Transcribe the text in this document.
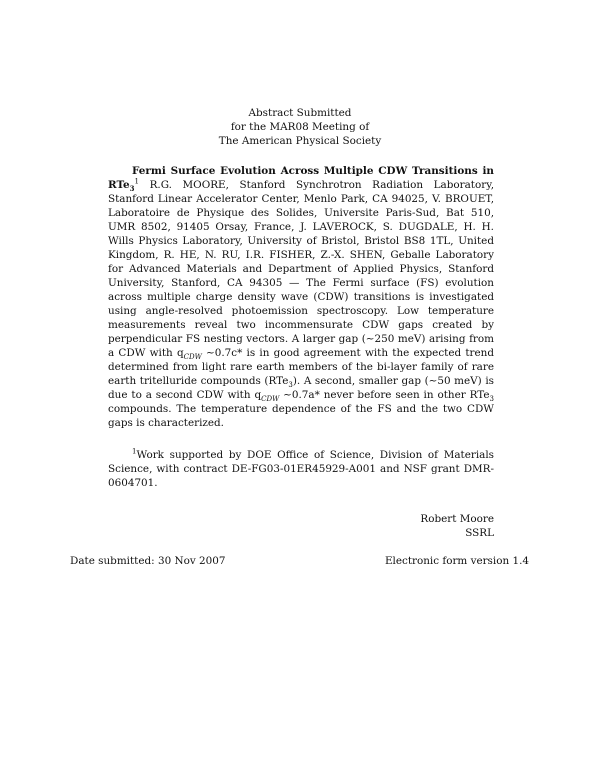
Abstract Submitted
for the MAR08 Meeting of
The American Physical Society

Fermi Surface Evolution Across Multiple CDW Transitions in RTe$_3^1$ R.G. MOORE, Stanford Synchrotron Radiation Laboratory, Stanford Linear Accelerator Center, Menlo Park, CA 94025, V. BROUET, Laboratoire de Physique des Solides, Universite Paris-Sud, Bat 510, UMR 8502, 91405 Orsay, France, J. LAVEROCK, S. DUGDALE, H. H. Wills Physics Laboratory, University of Bristol, Bristol BS8 1TL, United Kingdom, R. HE, N. RU, I.R. FISHER, Z.-X. SHEN, Geballe Laboratory for Advanced Materials and Department of Applied Physics, Stanford University, Stanford, CA 94305 — The Fermi surface (FS) evolution across multiple charge density wave (CDW) transitions is investigated using angle-resolved photoemission spectroscopy. Low temperature measurements reveal two incommensurate CDW gaps created by perpendicular FS nesting vectors. A larger gap (∼250 meV) arising from a CDW with $q_{CDW}$ ∼0.7c* is in good agreement with the expected trend determined from light rare earth members of the bi-layer family of rare earth tritelluride compounds (RTe$_3$). A second, smaller gap (∼50 meV) is due to a second CDW with $q_{CDW}$ ∼0.7a* never before seen in other RTe$_3$ compounds. The temperature dependence of the FS and the two CDW gaps is characterized.

$^1$Work supported by DOE Office of Science, Division of Materials Science, with contract DE-FG03-01ER45929-A001 and NSF grant DMR-0604701.

Robert Moore
SSRL
Date submitted: 30 Nov 2007	Electronic form version 1.4
